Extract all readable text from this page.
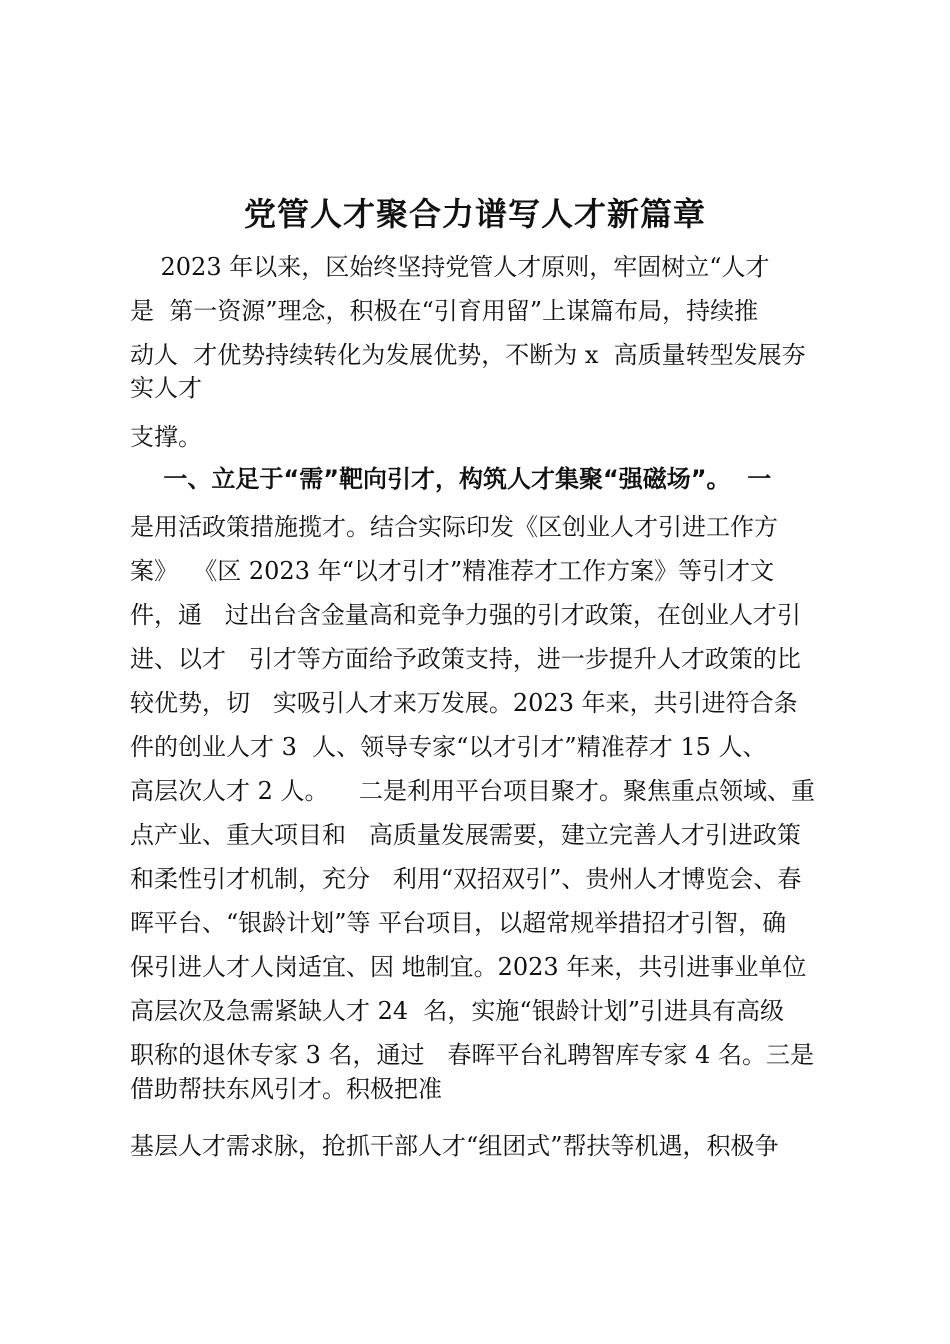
党管人才聚合力谱写人才新篇章
2023 年以来，区始终坚持党管人才原则，牢固树立“人才
是  第一资源”理念，积极在“引育用留”上谋篇布局，持续推
动人  才优势持续转化为发展优势，不断为 x  高质量转型发展夯
实人才
支撑。
一、立足于“需”靶向引才，构筑人才集聚“强磁场”。  一
是用活政策措施揽才。结合实际印发《区创业人才引进工作方
案》  《区 2023 年“以才引才”精准荐才工作方案》等引才文
件，通   过出台含金量高和竞争力强的引才政策，在创业人才引
进、以才   引才等方面给予政策支持，进一步提升人才政策的比
较优势，切   实吸引人才来万发展。2023 年来，共引进符合条
件的创业人才 3  人、领导专家“以才引才”精准荐才 15 人、
高层次人才 2 人。    二是利用平台项目聚才。聚焦重点领域、重
点产业、重大项目和   高质量发展需要，建立完善人才引进政策
和柔性引才机制，充分   利用“双招双引”、贵州人才博览会、春
晖平台、“银龄计划”等 平台项目，以超常规举措招才引智，确
保引进人才人岗适宜、因 地制宜。2023 年来，共引进事业单位
高层次及急需紧缺人才 24  名，实施“银龄计划”引进具有高级
职称的退休专家 3 名，通过   春晖平台礼聘智库专家 4 名。三是
借助帮扶东风引才。积极把准
基层人才需求脉，抢抓干部人才“组团式”帮扶等机遇，积极争
